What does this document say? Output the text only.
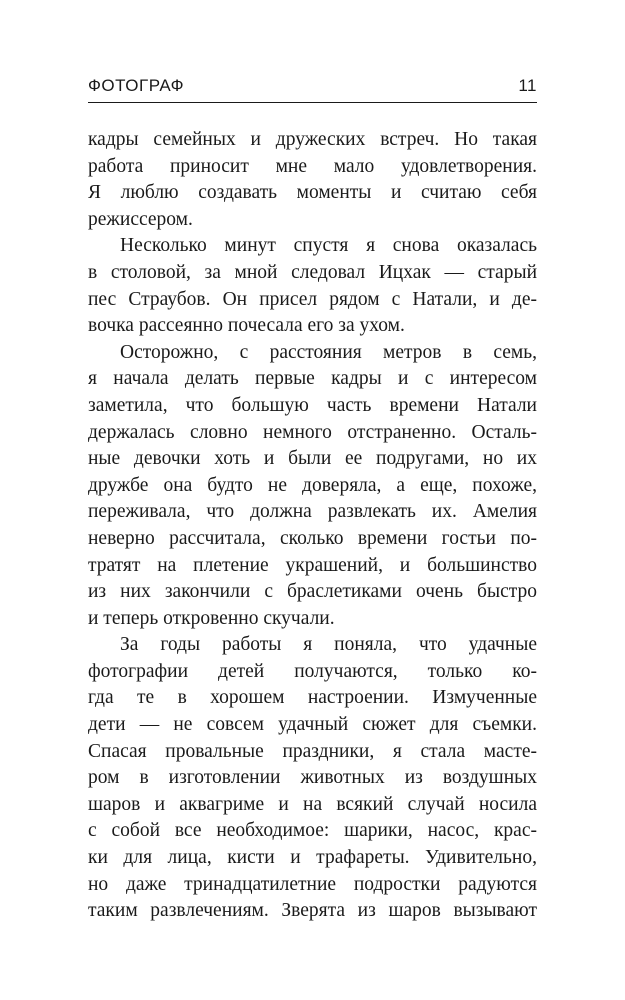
ФОТОГРАФ	11
кадры семейных и дружеских встреч. Но такая
работа приносит мне мало удовлетворения.
Я люблю создавать моменты и считаю себя
режиссером.
Несколько минут спустя я снова оказалась
в столовой, за мной следовал Ицхак — старый
пес Страубов. Он присел рядом с Натали, и де-
вочка рассеянно почесала его за ухом.
Осторожно, с расстояния метров в семь,
я начала делать первые кадры и с интересом
заметила, что большую часть времени Натали
держалась словно немного отстраненно. Осталь-
ные девочки хоть и были ее подругами, но их
дружбе она будто не доверяла, а еще, похоже,
переживала, что должна развлекать их. Амелия
неверно рассчитала, сколько времени гостьи по-
тратят на плетение украшений, и большинство
из них закончили с браслетиками очень быстро
и теперь откровенно скучали.
За годы работы я поняла, что удачные
фотографии детей получаются, только ко-
гда те в хорошем настроении. Измученные
дети — не совсем удачный сюжет для съемки.
Спасая провальные праздники, я стала масте-
ром в изготовлении животных из воздушных
шаров и аквагриме и на всякий случай носила
с собой все необходимое: шарики, насос, крас-
ки для лица, кисти и трафареты. Удивительно,
но даже тринадцатилетние подростки радуются
таким развлечениям. Зверята из шаров вызывают
